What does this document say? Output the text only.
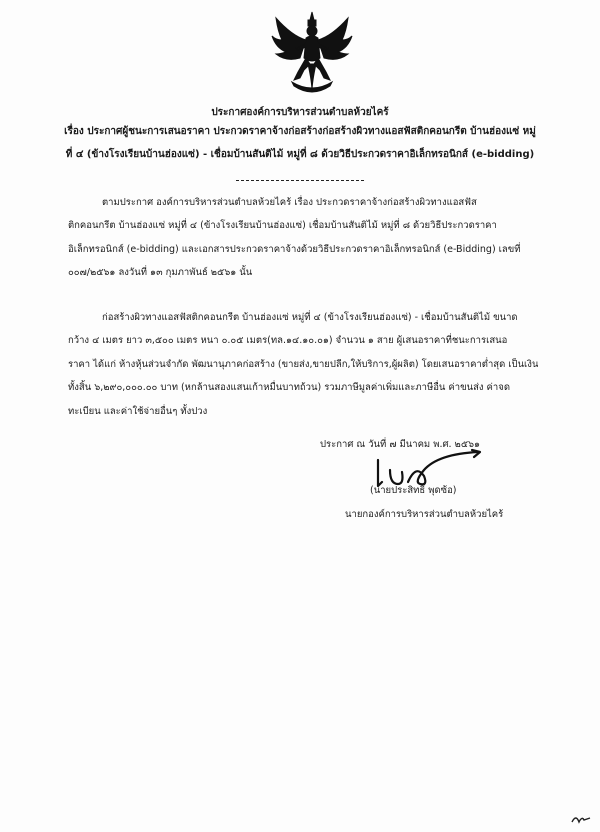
ประกาศองค์การบริหารส่วนตำบลห้วยไคร้
เรื่อง ประกาศผู้ชนะการเสนอราคา ประกวดราคาจ้างก่อสร้างก่อสร้างผิวทางแอสฟัสติกคอนกรีต บ้านฮ่องแซ่ หมู่
ที่ ๔ (ข้างโรงเรียนบ้านฮ่องแซ่) - เชื่อมบ้านสันติไม้ หมู่ที่ ๘ ด้วยวิธีประกวดราคาอิเล็กทรอนิกส์ (e-bidding)
ตามประกาศ องค์การบริหารส่วนตำบลห้วยไคร้ เรื่อง ประกวดราคาจ้างก่อสร้างผิวทางแอสฟัส
ติกคอนกรีต บ้านฮ่องแซ่ หมู่ที่ ๔ (ข้างโรงเรียนบ้านฮ่องแซ่) เชื่อมบ้านสันติไม้ หมู่ที่ ๘ ด้วยวิธีประกวดราคา
อิเล็กทรอนิกส์ (e-bidding) และเอกสารประกวดราคาจ้างด้วยวิธีประกวดราคาอิเล็กทรอนิกส์ (e-Bidding) เลขที่
๐๐๗/๒๕๖๑ ลงวันที่ ๑๓ กุมภาพันธ์ ๒๕๖๑ นั้น
ก่อสร้างผิวทางแอสฟัสติกคอนกรีต บ้านฮ่องแซ่ หมู่ที่ ๔ (ข้างโรงเรียนฮ่องแซ่) - เชื่อมบ้านสันติไม้ ขนาด
กว้าง ๔ เมตร ยาว ๓,๕๐๐ เมตร หนา ๐.๐๕ เมตร(ทล.๑๔.๑๐.๐๑) จำนวน ๑ สาย ผู้เสนอราคาที่ชนะการเสนอ
ราคา ได้แก่ ห้างหุ้นส่วนจำกัด พัฒนานุภาคก่อสร้าง (ขายส่ง,ขายปลีก,ให้บริการ,ผู้ผลิต) โดยเสนอราคาต่ำสุด เป็นเงิน
ทั้งสิ้น ๖,๒๙๐,๐๐๐.๐๐ บาท (หกล้านสองแสนเก้าหมื่นบาทถ้วน) รวมภาษีมูลค่าเพิ่มและภาษีอื่น ค่าขนส่ง ค่าจด
ทะเบียน และค่าใช้จ่ายอื่นๆ ทั้งปวง
ประกาศ ณ วันที่ ๗ มีนาคม พ.ศ. ๒๕๖๑
(นายประสิทธิ์ พุดซ้อ)
นายกองค์การบริหารส่วนตำบลห้วยไคร้
